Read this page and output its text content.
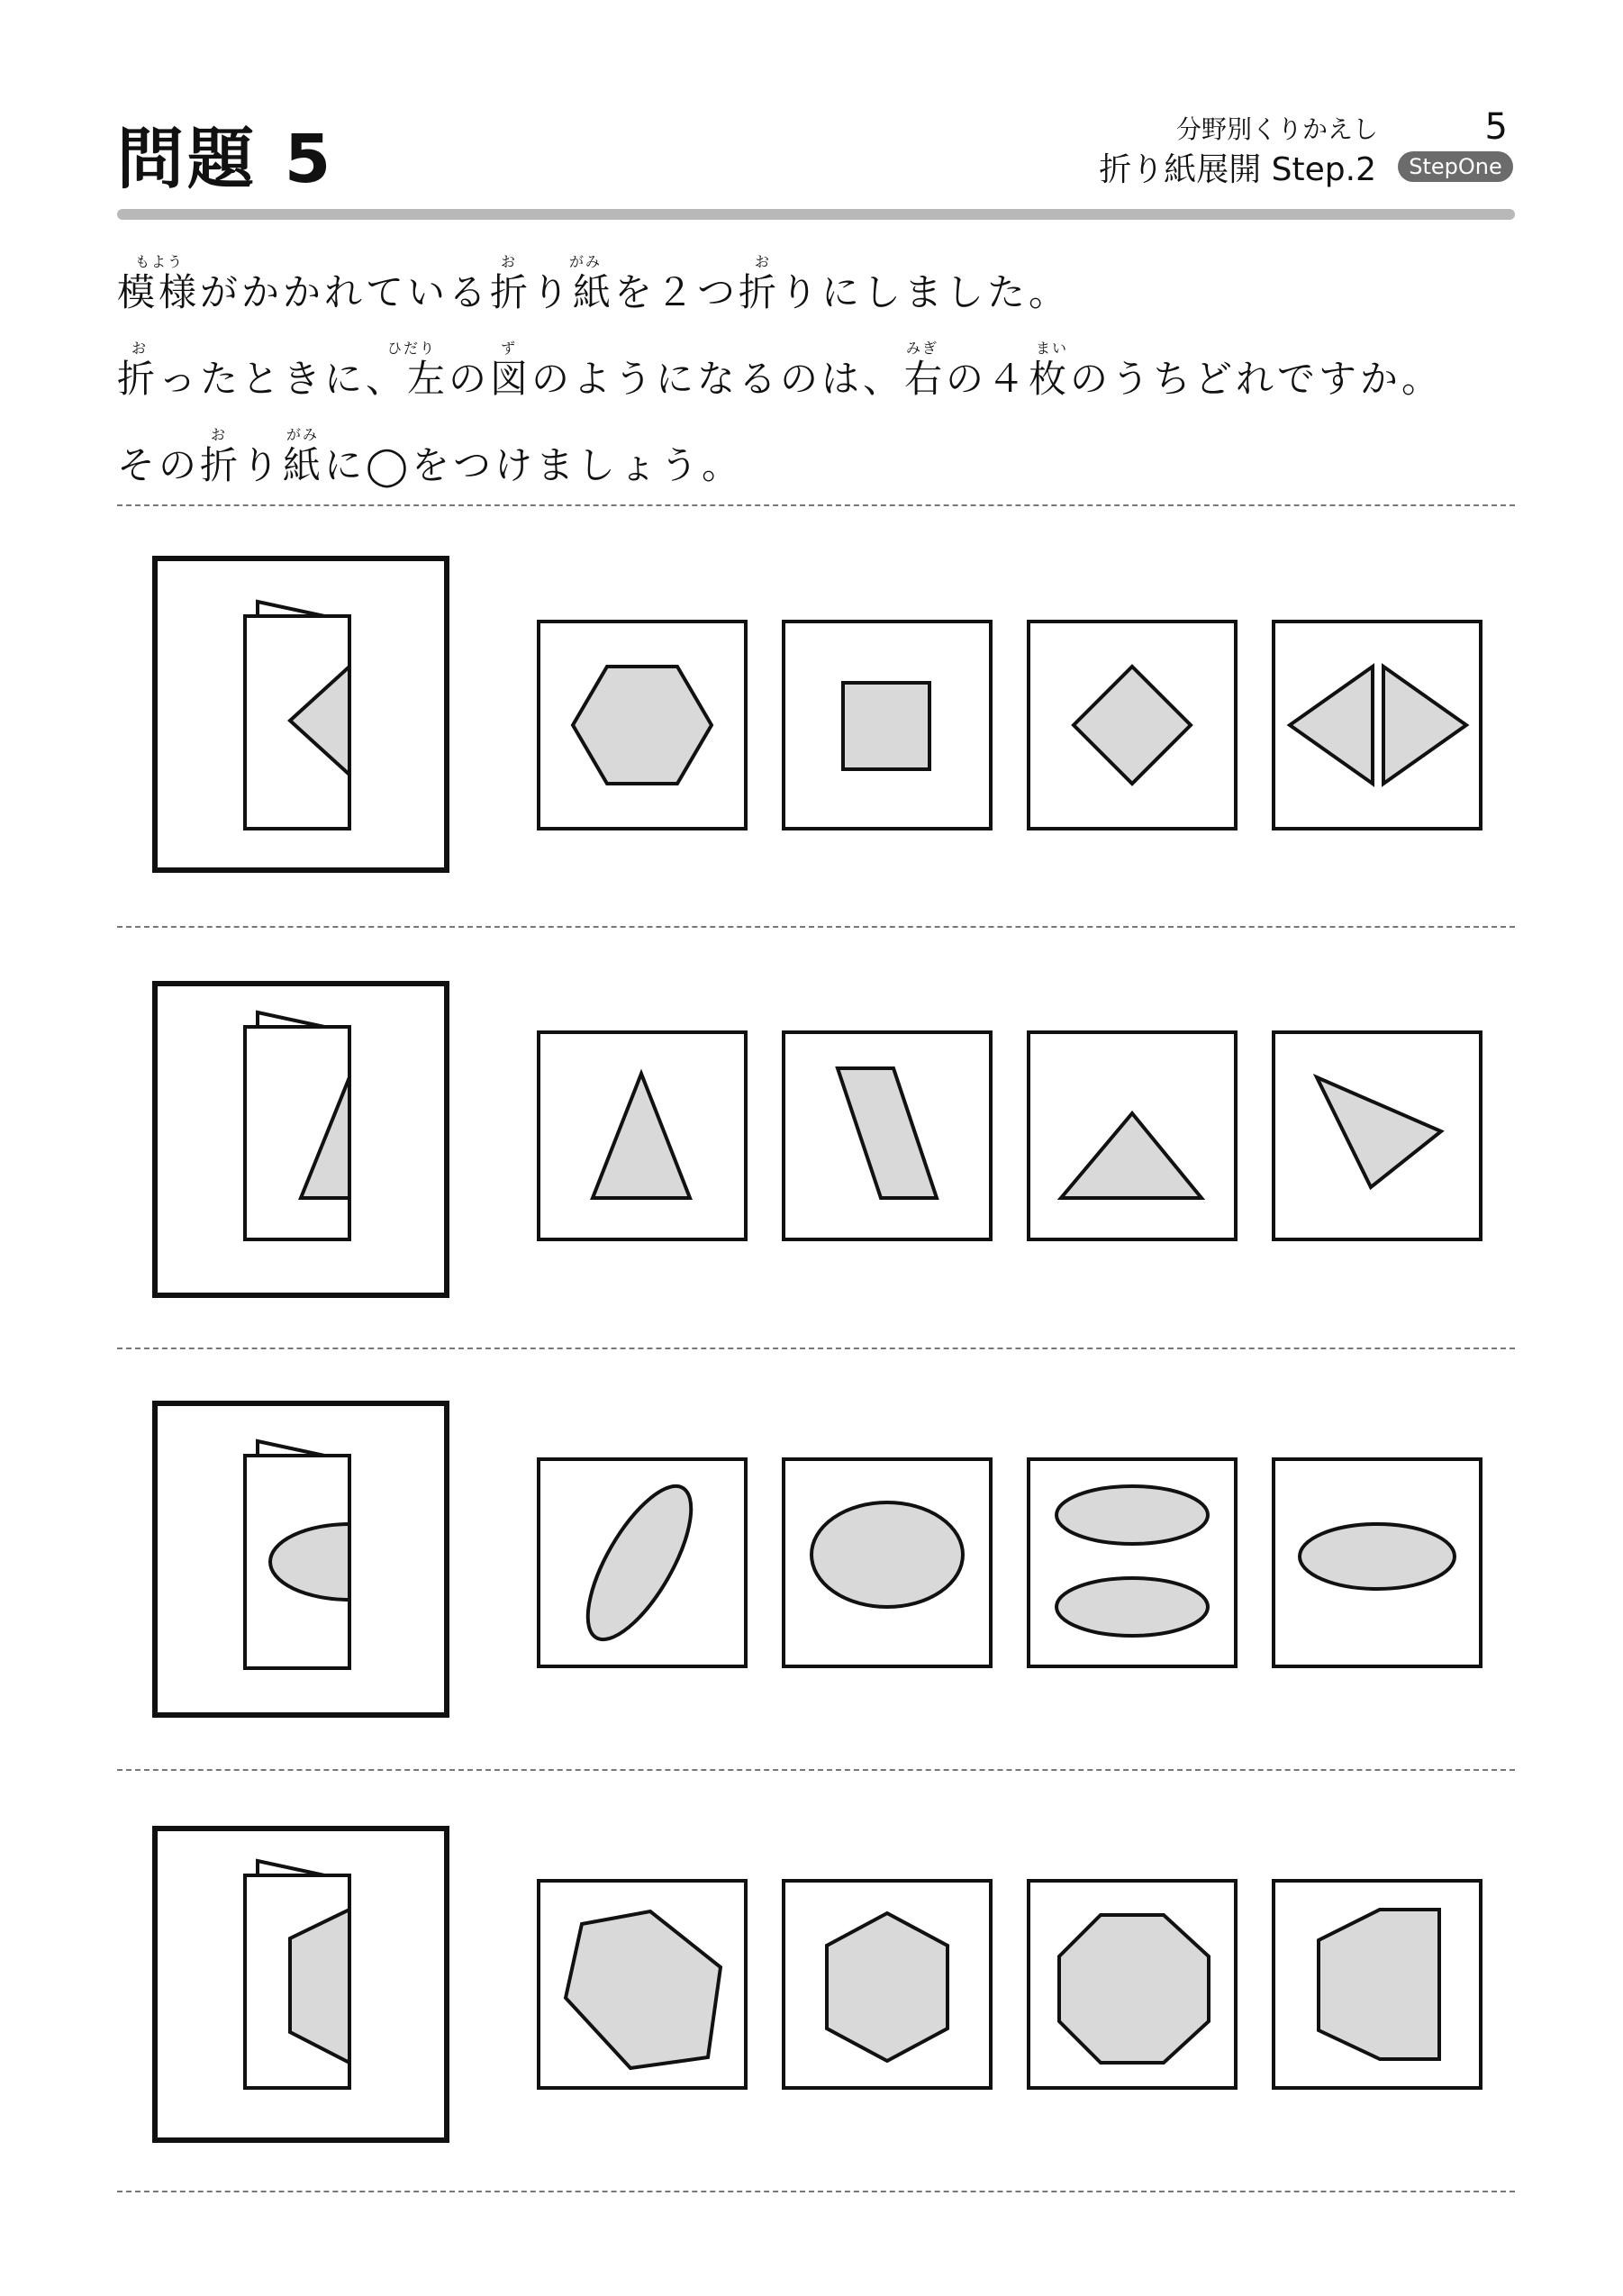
問題 5	分野別くりかえし
折り紙展開 Step.2
5
StepOne
もよう	お	がみ	お
模様がかかれている折り紙を２つ折りにしました。
お	ひだり	ず	みぎ	まい
折ったときに、左の図のようになるのは、右の４枚のうちどれですか。
お	がみ
その折り紙に◯をつけましょう。
